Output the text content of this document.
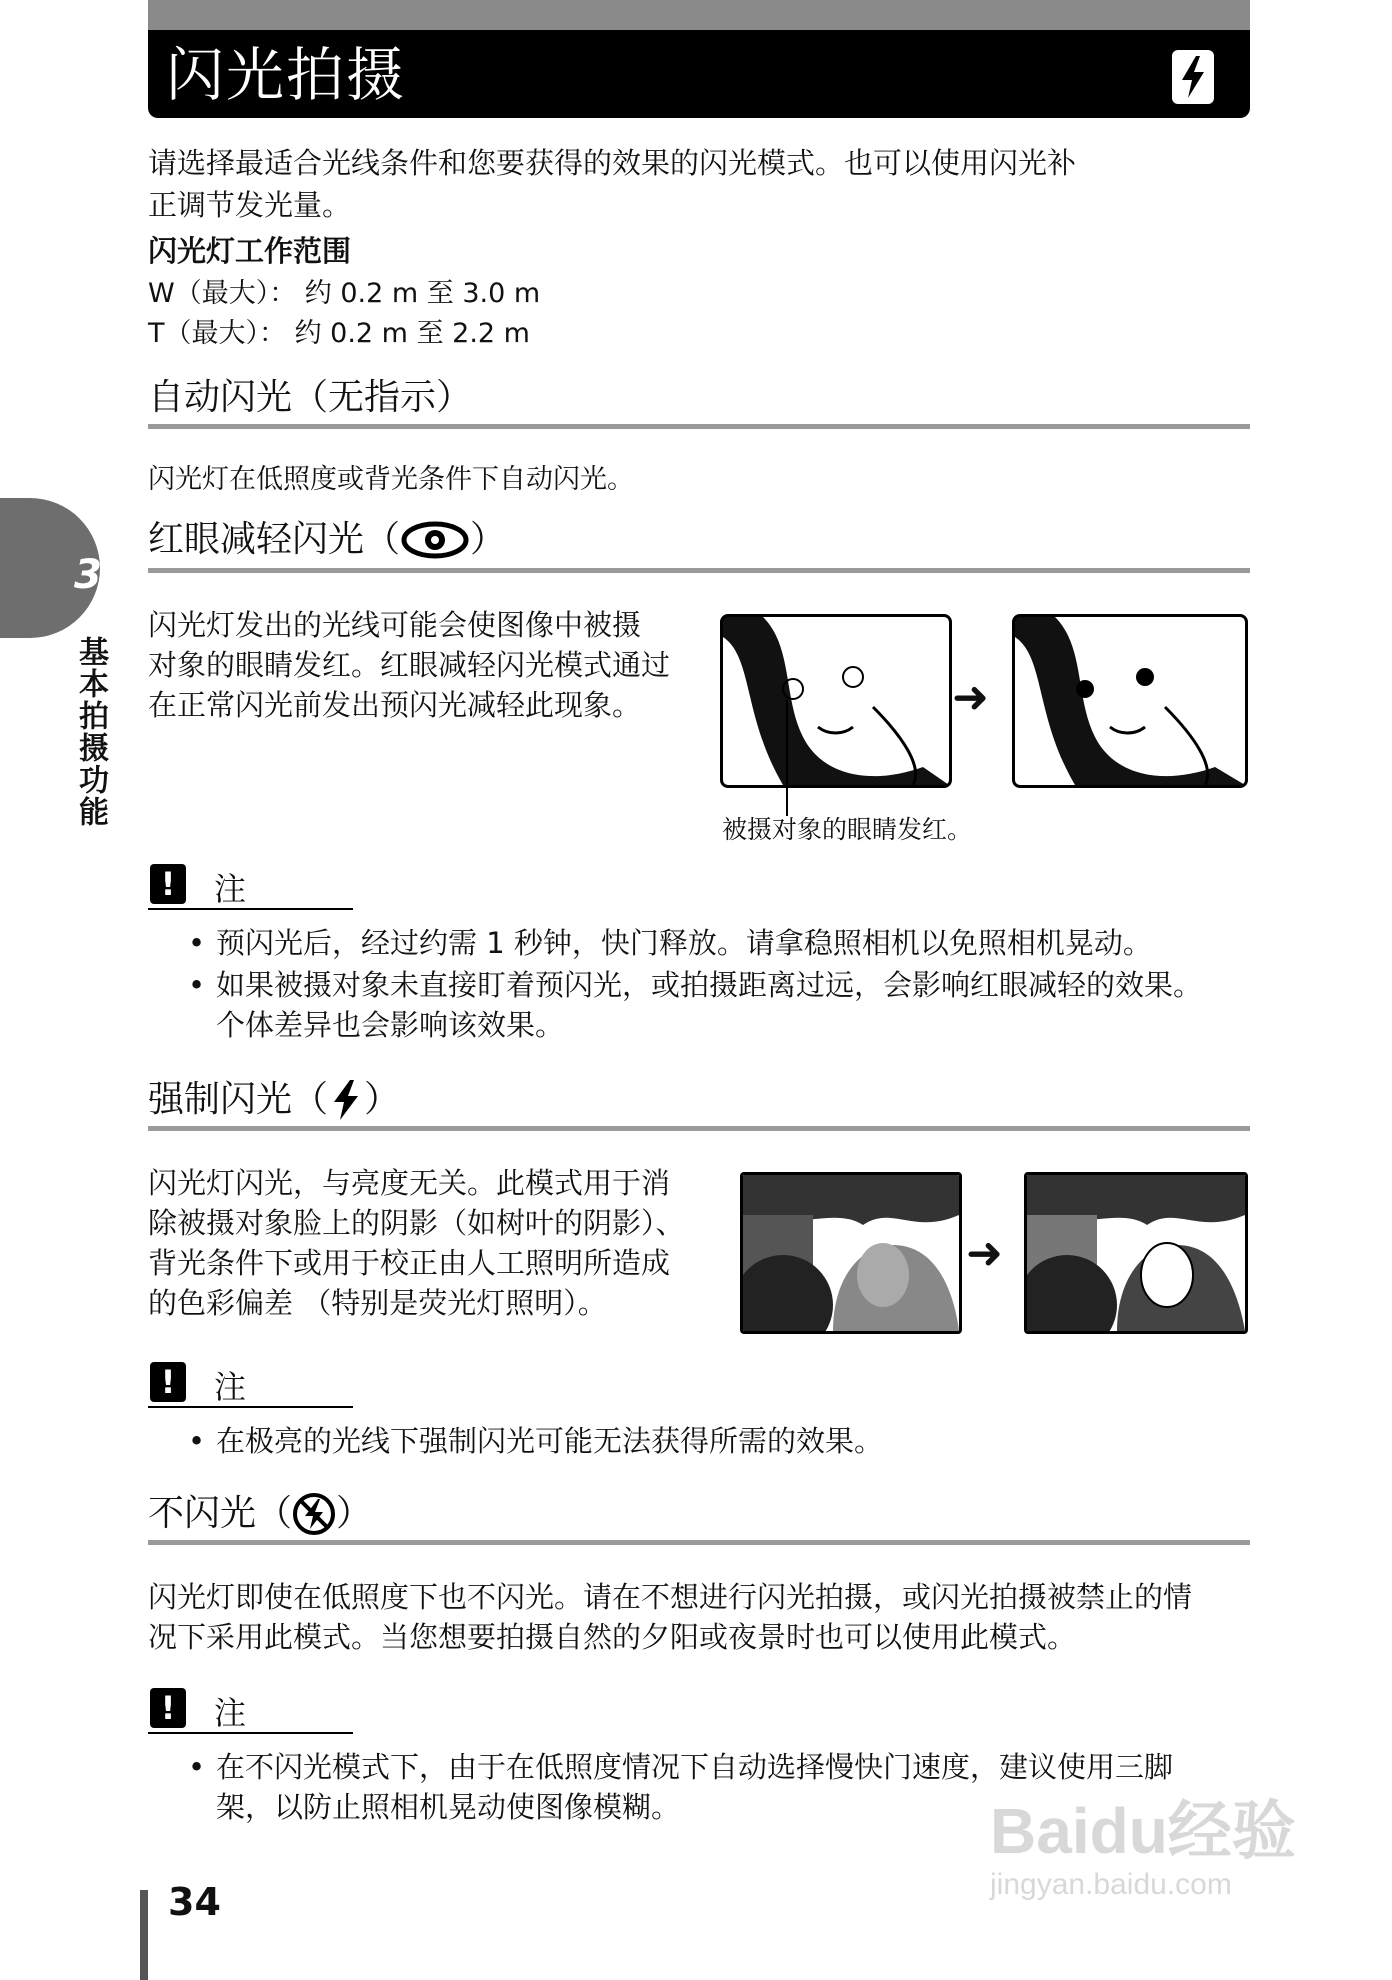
闪光拍摄
请选择最适合光线条件和您要获得的效果的闪光模式。也可以使用闪光补
正调节发光量。
闪光灯工作范围
W（最大）： 约 0.2 m 至 3.0 m
T（最大）： 约 0.2 m 至 2.2 m
自动闪光（无指示）
闪光灯在低照度或背光条件下自动闪光。
红眼减轻闪光（ ）
闪光灯发出的光线可能会使图像中被摄
对象的眼睛发红。红眼减轻闪光模式通过
在正常闪光前发出预闪光减轻此现象。	➜
被摄对象的眼睛发红。
!	注
• 预闪光后，经过约需 1 秒钟，快门释放。请拿稳照相机以免照相机晃动。
• 如果被摄对象未直接盯着预闪光，或拍摄距离过远，会影响红眼减轻的效果。
个体差异也会影响该效果。
强制闪光（ ）
闪光灯闪光，与亮度无关。此模式用于消
除被摄对象脸上的阴影（如树叶的阴影）、
背光条件下或用于校正由人工照明所造成
的色彩偏差 （特别是荧光灯照明）。
➜
!	注
• 在极亮的光线下强制闪光可能无法获得所需的效果。
不闪光（ ）
闪光灯即使在低照度下也不闪光。请在不想进行闪光拍摄，或闪光拍摄被禁止的情
况下采用此模式。当您想要拍摄自然的夕阳或夜景时也可以使用此模式。
!	注
• 在不闪光模式下，由于在低照度情况下自动选择慢快门速度，建议使用三脚
架，以防止照相机晃动使图像模糊。
3
基本拍摄功能
34
Baidu经验
jingyan.baidu.com
